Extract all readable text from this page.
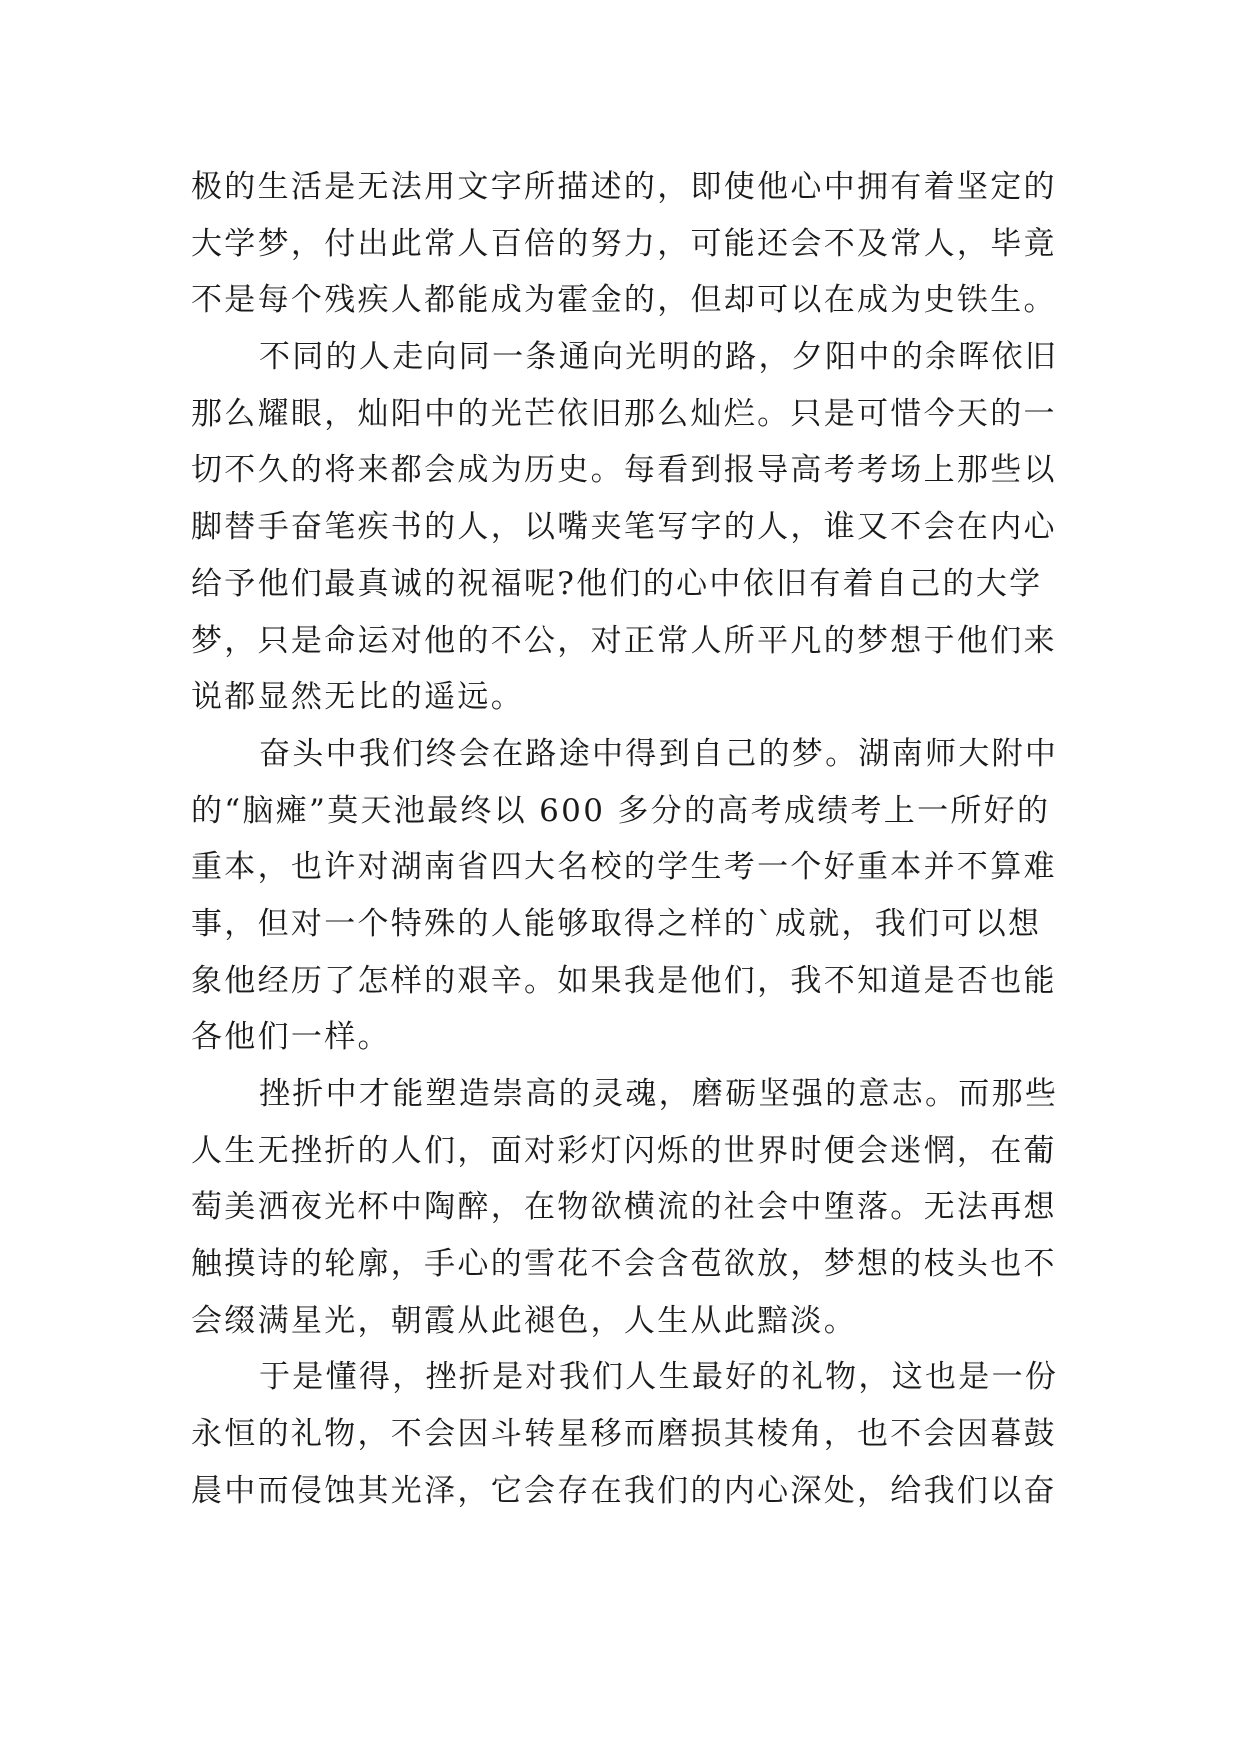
极的生活是无法用文字所描述的，即使他心中拥有着坚定的
大学梦，付出此常人百倍的努力，可能还会不及常人，毕竟
不是每个残疾人都能成为霍金的，但却可以在成为史铁生。
不同的人走向同一条通向光明的路，夕阳中的余晖依旧
那么耀眼，灿阳中的光芒依旧那么灿烂。只是可惜今天的一
切不久的将来都会成为历史。每看到报导高考考场上那些以
脚替手奋笔疾书的人，以嘴夹笔写字的人，谁又不会在内心
给予他们最真诚的祝福呢?他们的心中依旧有着自己的大学
梦，只是命运对他的不公，对正常人所平凡的梦想于他们来
说都显然无比的遥远。
奋头中我们终会在路途中得到自己的梦。湖南师大附中
的“脑瘫”莫天池最终以 600 多分的高考成绩考上一所好的
重本，也许对湖南省四大名校的学生考一个好重本并不算难
事，但对一个特殊的人能够取得之样的`成就，我们可以想
象他经历了怎样的艰辛。如果我是他们，我不知道是否也能
各他们一样。
挫折中才能塑造崇高的灵魂，磨砺坚强的意志。而那些
人生无挫折的人们，面对彩灯闪烁的世界时便会迷惘，在葡
萄美洒夜光杯中陶醉，在物欲横流的社会中堕落。无法再想
触摸诗的轮廓，手心的雪花不会含苞欲放，梦想的枝头也不
会缀满星光，朝霞从此褪色，人生从此黯淡。
于是懂得，挫折是对我们人生最好的礼物，这也是一份
永恒的礼物，不会因斗转星移而磨损其棱角，也不会因暮鼓
晨中而侵蚀其光泽，它会存在我们的内心深处，给我们以奋
